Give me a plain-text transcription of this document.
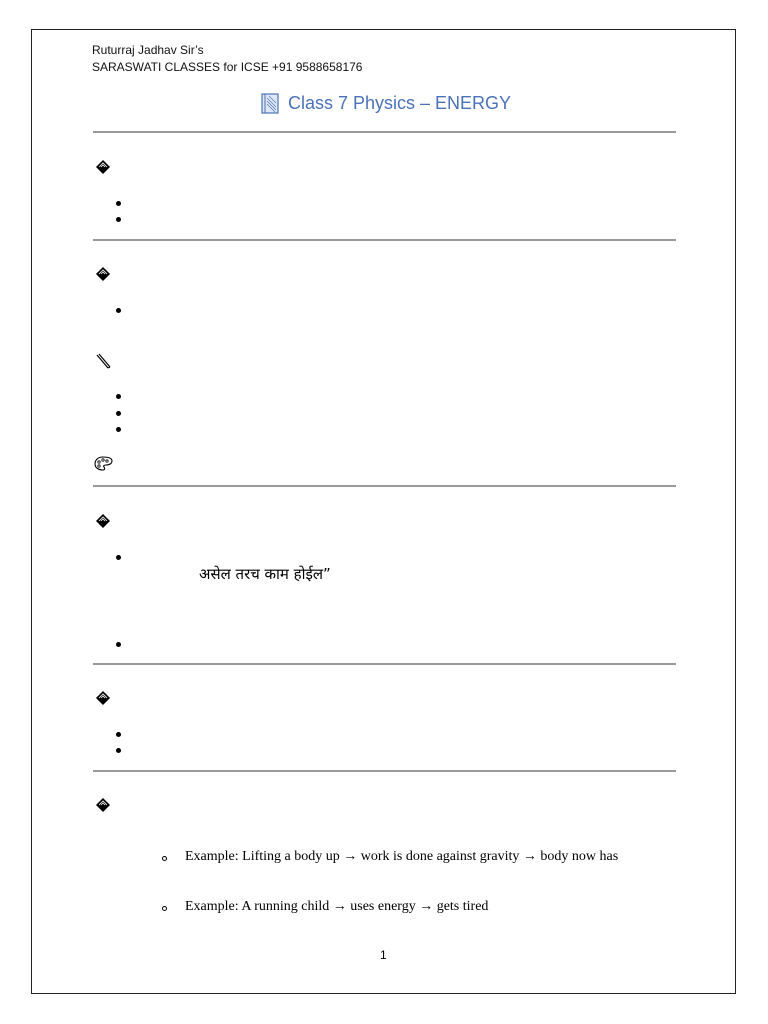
Ruturraj Jadhav Sir’s
SARASWATI CLASSES for ICSE +91 9588658176
Class 7 Physics – ENERGY
असेल तरच काम होईल”
Example: Lifting a body up → work is done against gravity → body now has
Example: A running child → uses energy → gets tired
1
